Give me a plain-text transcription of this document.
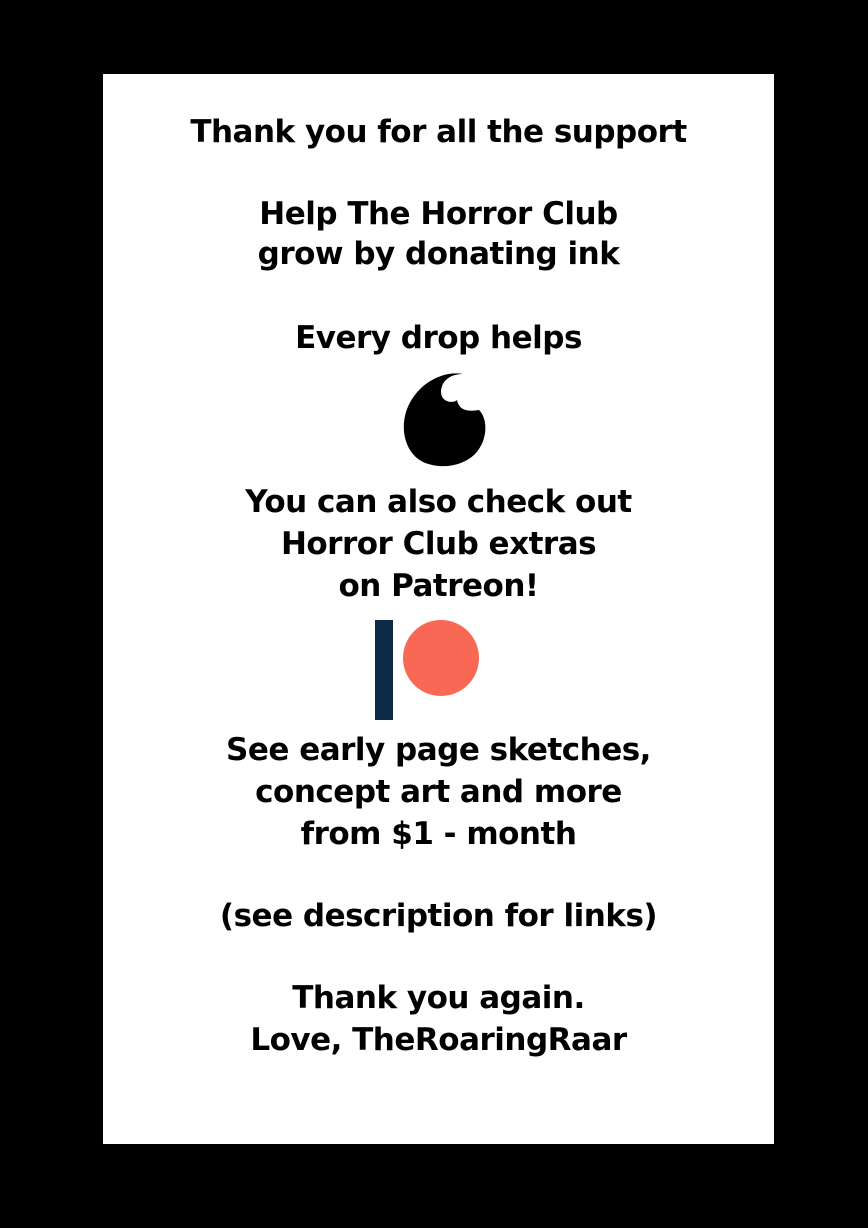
Thank you for all the support
Help The Horror Club
grow by donating ink
Every drop helps
You can also check out
Horror Club extras
on Patreon!
See early page sketches,
concept art and more
from $1 - month
(see description for links)
Thank you again.
Love, TheRoaringRaar
